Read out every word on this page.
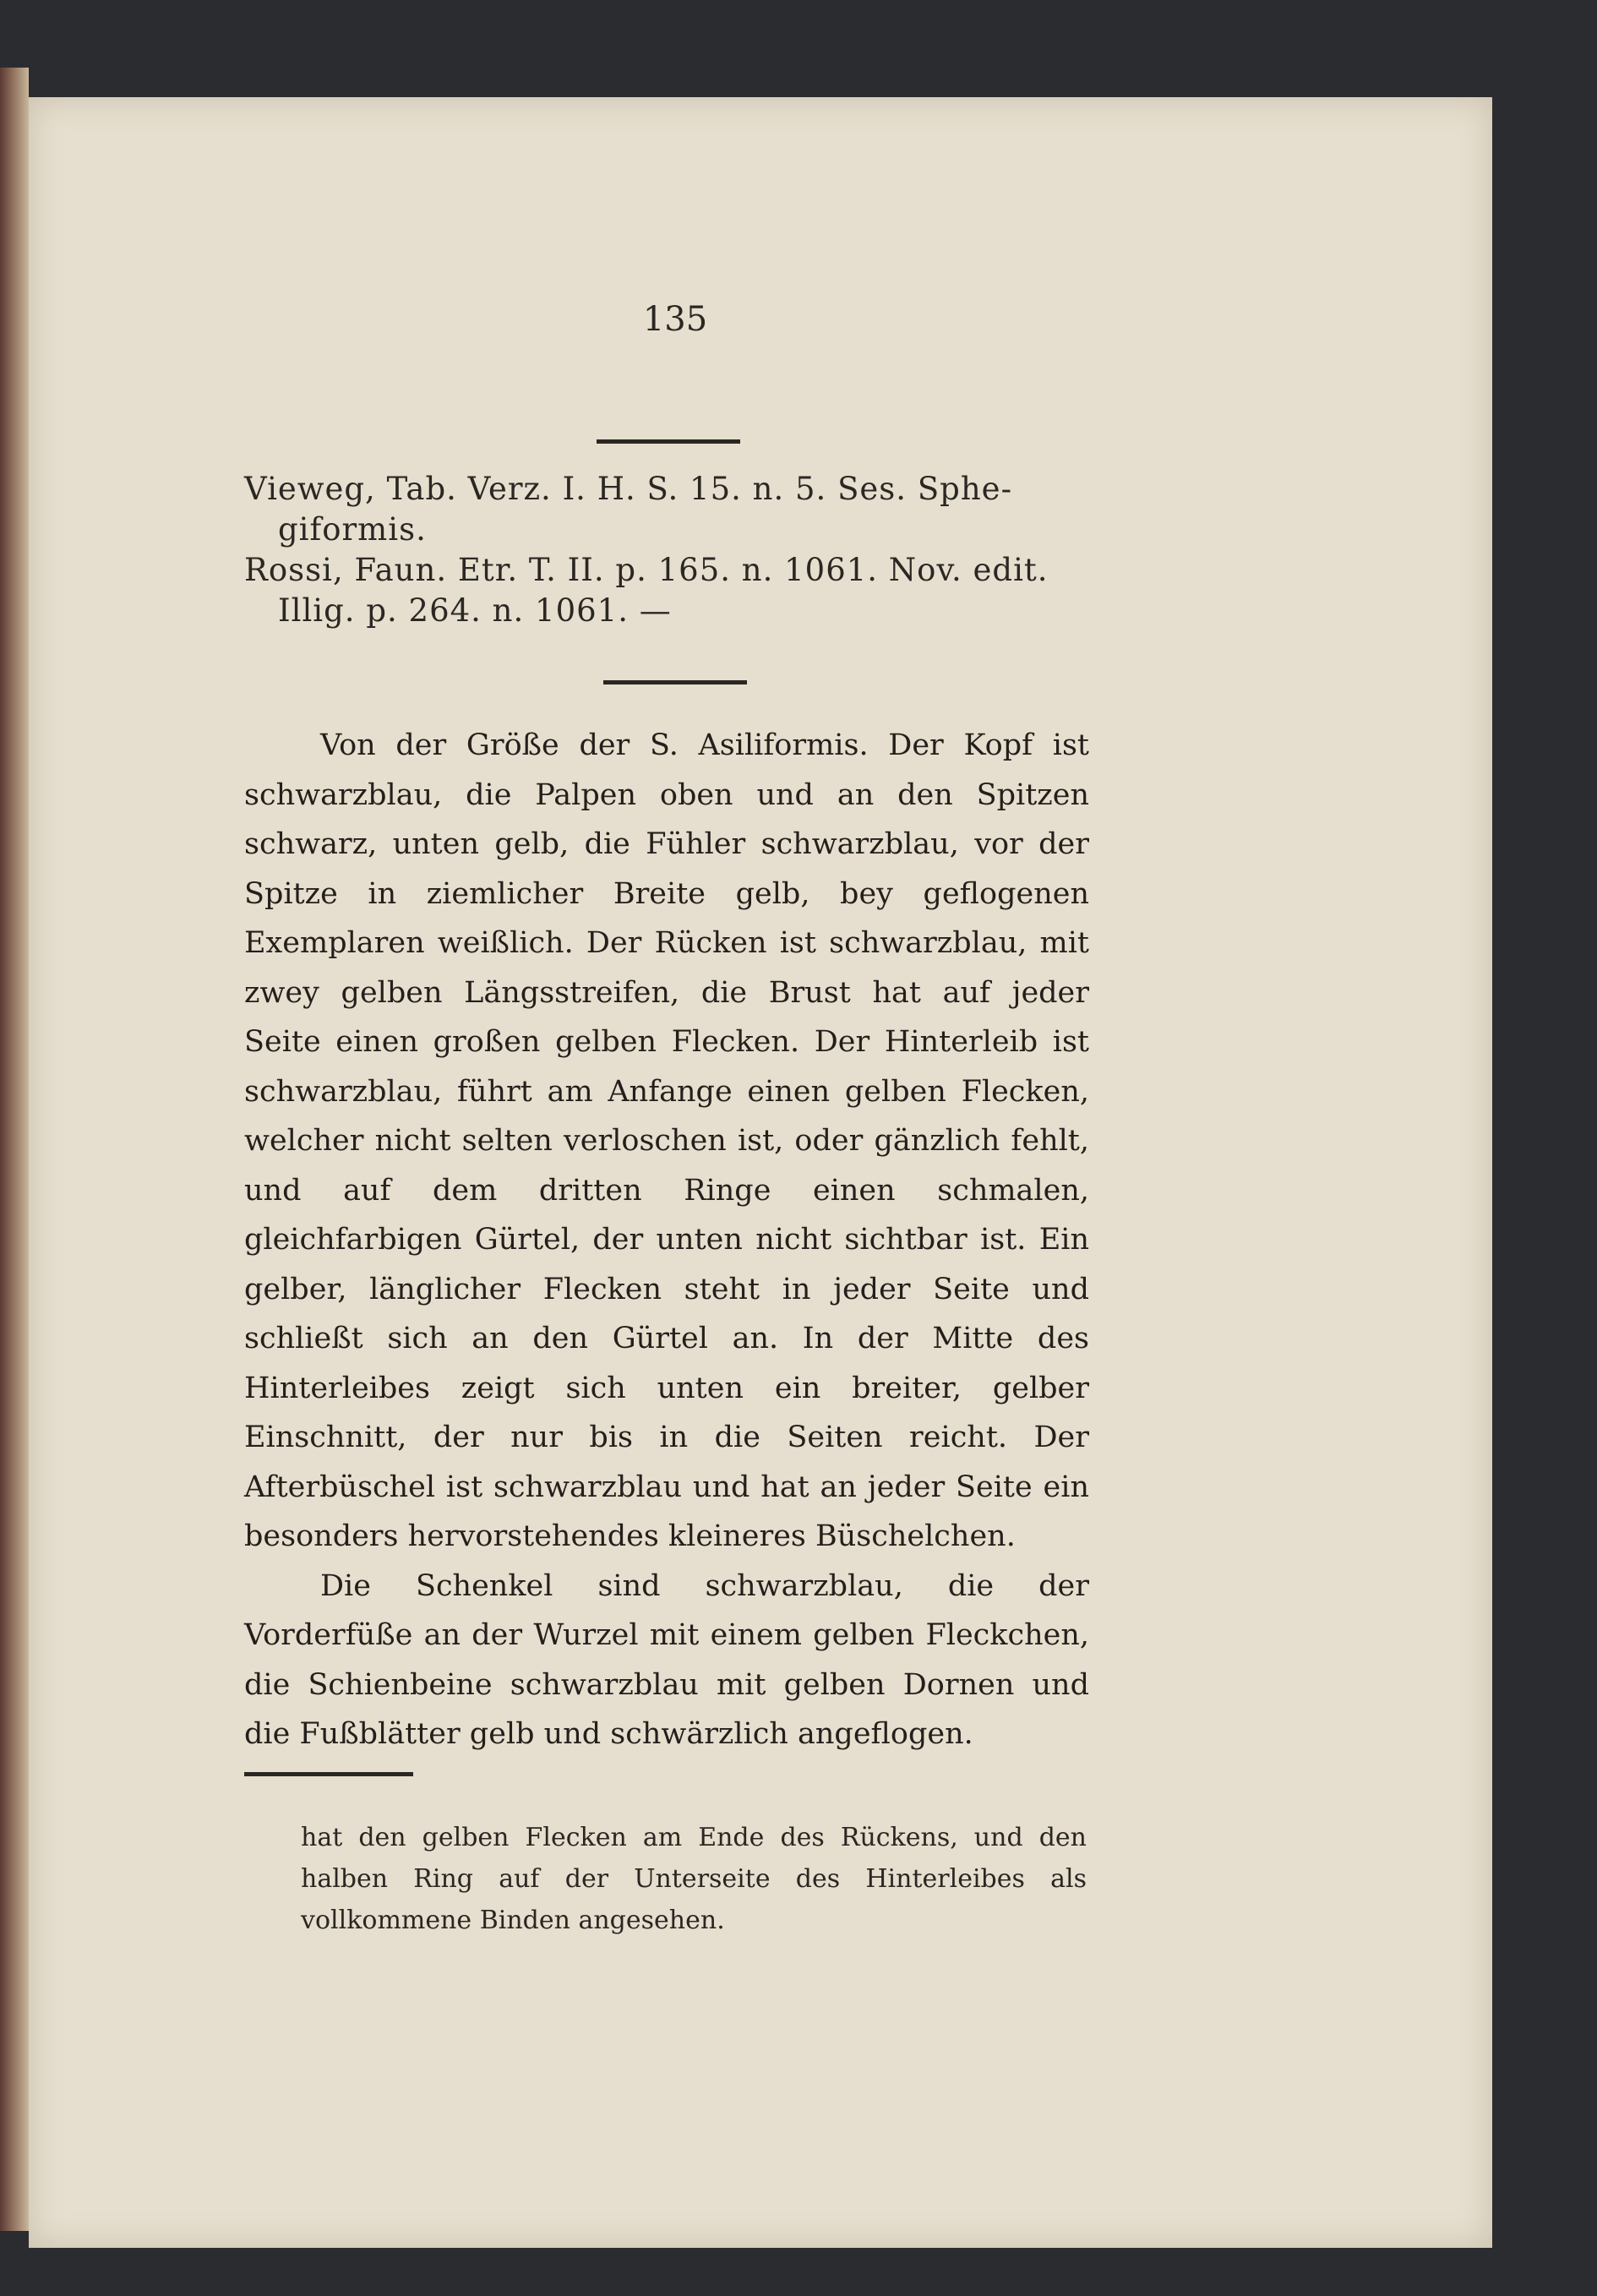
135
Vieweg, Tab. Verz. I. H. S. 15. n. 5. Ses. Sphe-
giformis.
Rossi, Faun. Etr. T. II. p. 165. n. 1061. Nov. edit.
Illig. p. 264. n. 1061. —

Von der Größe der S. Asiliformis. Der Kopf ist schwarzblau, die Palpen oben und an den Spitzen schwarz, unten gelb, die Fühler schwarzblau, vor der Spitze in ziemlicher Breite gelb, bey geflogenen Exemplaren weißlich. Der Rücken ist schwarzblau, mit zwey gelben Längsstreifen, die Brust hat auf jeder Seite einen großen gelben Flecken. Der Hinterleib ist schwarzblau, führt am Anfange einen gelben Flecken, welcher nicht selten verloschen ist, oder gänzlich fehlt, und auf dem dritten Ringe einen schmalen, gleichfarbigen Gürtel, der unten nicht sichtbar ist. Ein gelber, länglicher Flecken steht in jeder Seite und schließt sich an den Gürtel an. In der Mitte des Hinterleibes zeigt sich unten ein breiter, gelber Einschnitt, der nur bis in die Seiten reicht. Der Afterbüschel ist schwarzblau und hat an jeder Seite ein besonders hervorstehendes kleineres Büschelchen.

Die Schenkel sind schwarzblau, die der Vorderfüße an der Wurzel mit einem gelben Fleckchen, die Schienbeine schwarzblau mit gelben Dornen und die Fußblätter gelb und schwärzlich angeflogen.

hat den gelben Flecken am Ende des Rückens, und den halben Ring auf der Unterseite des Hinterleibes als vollkommene Binden angesehen.
